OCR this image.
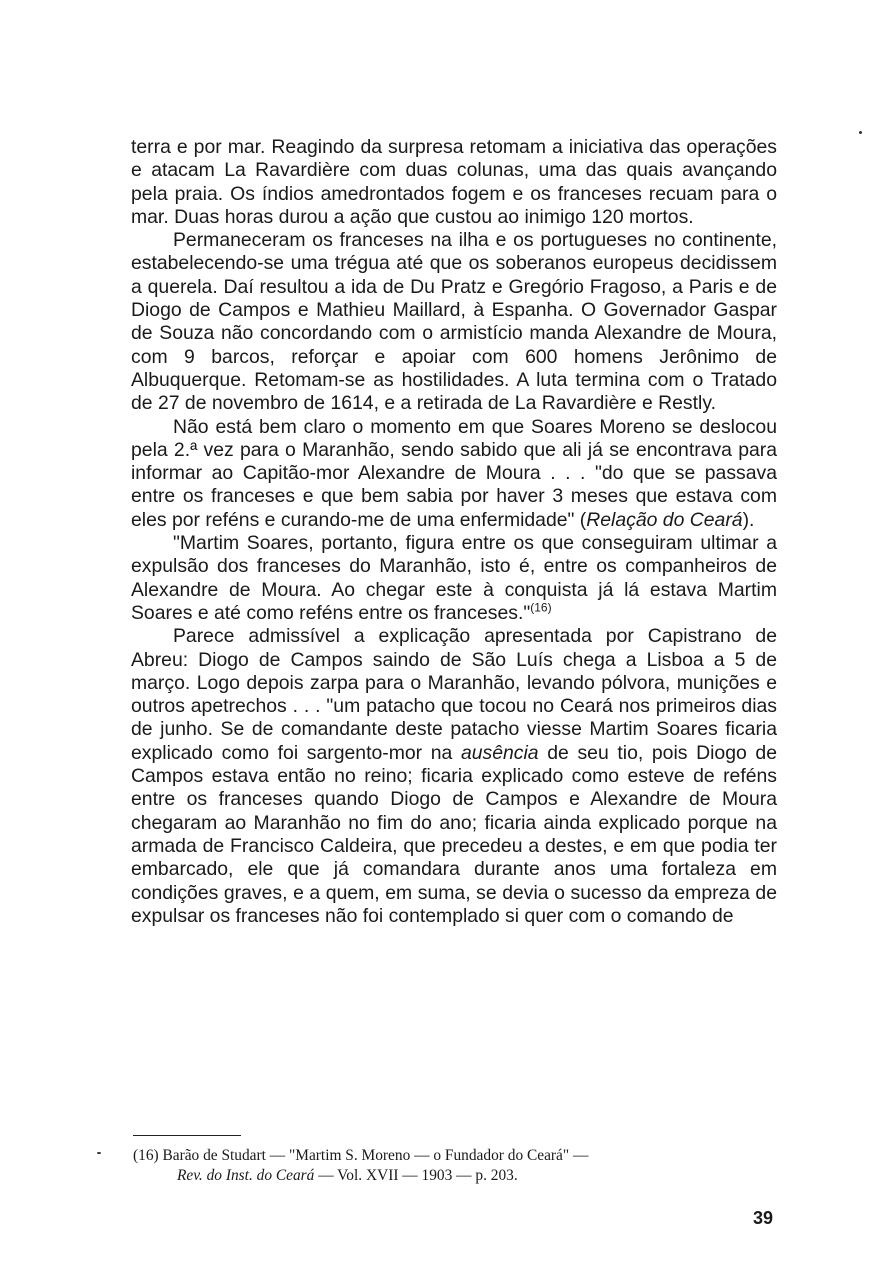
terra e por mar. Reagindo da surpresa retomam a iniciativa das operações e atacam La Ravardière com duas colunas, uma das quais avançando pela praia. Os índios amedrontados fogem e os franceses recuam para o mar. Duas horas durou a ação que custou ao inimigo 120 mortos.

Permaneceram os franceses na ilha e os portugueses no continente, estabelecendo-se uma trégua até que os soberanos europeus decidissem a querela. Daí resultou a ida de Du Pratz e Gregório Fragoso, a Paris e de Diogo de Campos e Mathieu Maillard, à Espanha. O Governador Gaspar de Souza não concordando com o armistício manda Alexandre de Moura, com 9 barcos, reforçar e apoiar com 600 homens Jerônimo de Albuquerque. Retomam-se as hostilidades. A luta termina com o Tratado de 27 de novembro de 1614, e a retirada de La Ravardière e Restly.

Não está bem claro o momento em que Soares Moreno se deslocou pela 2.ª vez para o Maranhão, sendo sabido que ali já se encontrava para informar ao Capitão-mor Alexandre de Moura . . . "do que se passava entre os franceses e que bem sabia por haver 3 meses que estava com eles por reféns e curando-me de uma enfermidade" (Relação do Ceará).

"Martim Soares, portanto, figura entre os que conseguiram ultimar a expulsão dos franceses do Maranhão, isto é, entre os companheiros de Alexandre de Moura. Ao chegar este à conquista já lá estava Martim Soares e até como reféns entre os franceses."$^{(16)}$

Parece admissível a explicação apresentada por Capistrano de Abreu: Diogo de Campos saindo de São Luís chega a Lisboa a 5 de março. Logo depois zarpa para o Maranhão, levando pólvora, munições e outros apetrechos . . . "um patacho que tocou no Ceará nos primeiros dias de junho. Se de comandante deste patacho viesse Martim Soares ficaria explicado como foi sargento-mor na ausência de seu tio, pois Diogo de Campos estava então no reino; ficaria explicado como esteve de reféns entre os franceses quando Diogo de Campos e Alexandre de Moura chegaram ao Maranhão no fim do ano; ficaria ainda explicado porque na armada de Francisco Caldeira, que precedeu a destes, e em que podia ter embarcado, ele que já comandara durante anos uma fortaleza em condições graves, e a quem, em suma, se devia o sucesso da empreza de expulsar os franceses não foi contemplado si quer com o comando de

(16) Barão de Studart — "Martim S. Moreno — o Fundador do Ceará" —
Rev. do Inst. do Ceará — Vol. XVII — 1903 — p. 203.
39
